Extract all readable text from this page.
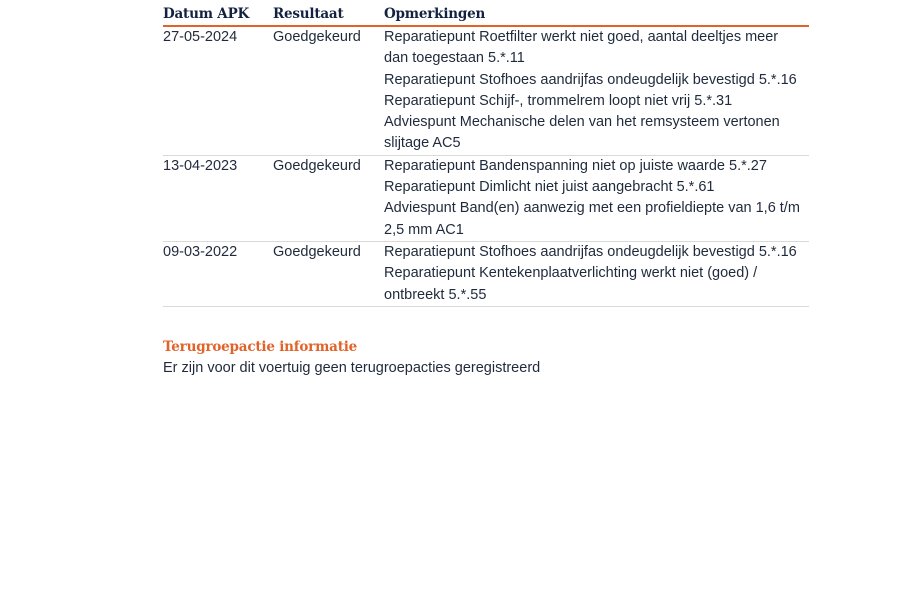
Datum APK	Resultaat	Opmerkingen
27-05-2024	Goedgekeurd	Reparatiepunt Roetfilter werkt niet goed, aantal deeltjes meer dan toegestaan 5.*.11
Reparatiepunt Stofhoes aandrijfas ondeugdelijk bevestigd 5.*.16
Reparatiepunt Schijf-, trommelrem loopt niet vrij 5.*.31
Adviespunt Mechanische delen van het remsysteem vertonen slijtage AC5

13-04-2023	Goedgekeurd	Reparatiepunt Bandenspanning niet op juiste waarde 5.*.27
Reparatiepunt Dimlicht niet juist aangebracht 5.*.61
Adviespunt Band(en) aanwezig met een profieldiepte van 1,6 t/m 2,5 mm AC1

09-03-2022	Goedgekeurd	Reparatiepunt Stofhoes aandrijfas ondeugdelijk bevestigd 5.*.16
Reparatiepunt Kentekenplaatverlichting werkt niet (goed) / ontbreekt 5.*.55
Terugroepactie informatie

Er zijn voor dit voertuig geen terugroepacties geregistreerd
